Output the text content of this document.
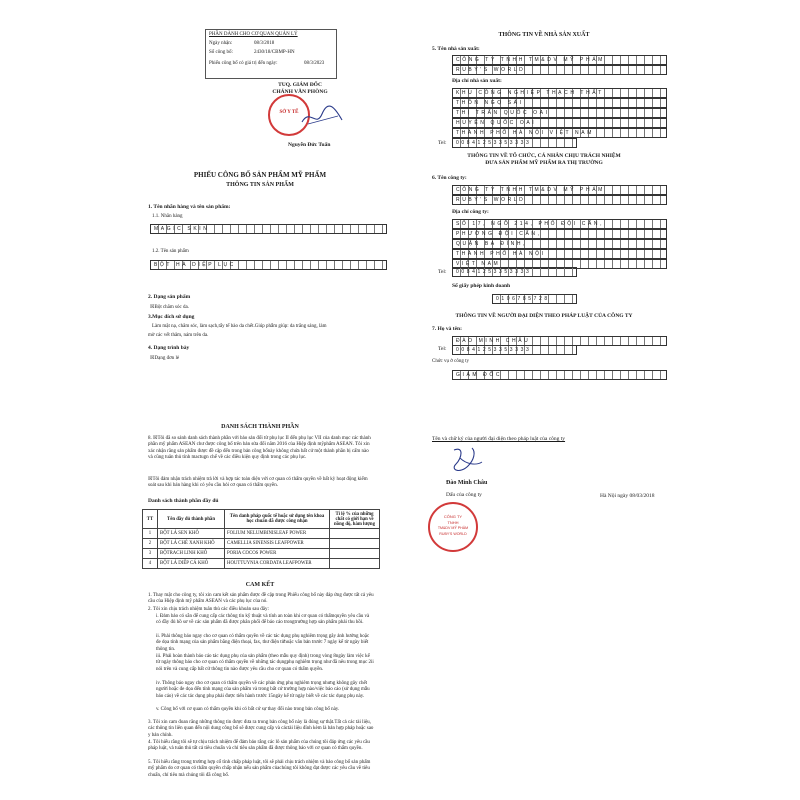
PHẦN DÀNH CHO CƠ QUAN QUẢN LÝ
Ngày nhận:	08/3/2018
Số công bố:	2430/18/CBMP-HN
Phiếu công bố có giá trị đến ngày:	08/3/2023
TUQ. GIÁM ĐỐC
CHÁNH VĂN PHÒNG
SỞ Y TẾ
Nguyễn Đức Tuấn
PHIẾU CÔNG BỐ SẢN PHẨM MỸ PHẨM
THÔNG TIN SẢN PHẨM
1. Tên nhãn hàng và tên sản phẩm:
1.1. Nhãn hàng
MAGIC SKIN
1.2. Tên sản phẩm
BỘT HÀ DIỆP LỤC
2. Dạng sản phẩm
☒Bột chăm sóc da.
3.Mục đích sử dụng
Làm mặt nạ, chăm sóc, làm sạch,tẩy tế bào da chết.Giúp phẫm giúp: da trắng sáng, làm
mờ các vết thâm, nám trên da.
4. Dạng trình bày
☒Dạng đơn lẻ
THÔNG TIN VỀ NHÀ SẢN XUẤT
5. Tên nhà sản xuất:
CÔNG TY TNHH TM&DV MỸ PHẨM
RUBY'S WORLD
Địa chỉ nhà sản xuất:
KHU CÔNG NGHIỆP THẠCH THẤT
THÔN NGỌ SÀI
THỊ TRẤN QUỐC OAI
HUYỆN QUỐC OAI
THÀNH PHỐ HÀ NỘI VIỆT NAM
Tel:	00841253353333
THÔNG TIN VỀ TỔ CHỨC, CÁ NHÂN CHỊU TRÁCH NHIỆM
ĐƯA SẢN PHẨM MỸ PHẨM RA THỊ TRƯỜNG
6. Tên công ty:
CÔNG TY TNHH TM&DV MỸ PHẨM
RUBY'S WORLD
Địa chỉ công ty:
SỐ 17, NGÕ 214, PHỐ ĐỘI CẤN,
PHƯỜNG ĐỘI CẤN,
QUẬN BA ĐÌNH,
THÀNH PHỐ HÀ NỘI
VIỆT NAM
Tel:	00841253353333
Số giấy phép kinh doanh
0106785728
THÔNG TIN VỀ NGƯỜI ĐẠI DIỆN THEO PHÁP LUẬT CỦA CÔNG TY
7. Họ và tên:
ĐÀO MINH CHÂU
Tel:	00841253353333
Chức vụ ở công ty
GIÁM ĐỐC
DANH SÁCH THÀNH PHẦN
8. ☒Tôi đã so sánh danh sách thành phần với bảo sản đối từ phụ lục II đến phụ lục VII của danh mục các thành phần mỹ phẩm ASEAN chư được công bố trên bản sửa đổi năm 2016 của Hiệp định mỹphẩm ASEAN. Tôi xin xác nhận rằng sản phẩm được đề cập đến trong bản công bốnày không chứa bất cứ một thành phần bị cấm nào và cũng tuân thủ tính mactugn chế về các điều kiện quy định trong các phụ lục.
☒Tôi đảm nhận trách nhiệm trả lời và hợp tác toàn diện với cơ quan có thẩm quyền về bất kỳ hoạt động kiểm soát sau khi bán hàng khi có yêu cầu hỏi cơ quan có thẩm quyền.
Danh sách thành phần đầy đủ
TT	Tên đầy đủ thành phần	Tên danh pháp quốc tế hoặc sử dụng tên khoa học chuẩn đã được công nhận	Tỉ lệ % của những chất có giới hạn về nồng độ, hàm lượng
1	BỘT LÁ SEN KHÔ	FOLIUM NELUMBINISLEAF POWER	
2	BỘT LÁ CHÈ XANH KHÔ	CAMELLIA SINENSIS LEAFPOWER	
3	BỘTRACH LINH KHÔ	PORIA COCOS POWER	
4	BỘT LÁ DIẾP CÁ KHÔ	HOUTTUYNIA CORDATA LEAFPOWER	
CAM KẾT
1. Thay mặt cho công ty, tôi xin cam kết sản phẩm được đề cập trong Phiếu công bố này đáp ứng được tất cả yêu cầu của Hiệp định mỹ phẩm ASEAN và các phụ lục của nó.
2. Tôi xin chịu trách nhiệm tuân thủ các điều khoản sau đây:
i. Đảm bảo có sẵn để cung cấp các thông tin kỹ thuật và tính an toàn khi cơ quan có thẩmquyền yêu cầu và có đầy đủ hồ sơ về các sản phẩm đã được phân phối để báo cáo trongtrường hợp sản phẩm phải thu hồi.
ii. Phải thông báo ngay cho cơ quan có thẩm quyền về các tác dụng phụ nghiêm trọng gây ảnh hưởng hoặc đe dọa tính mạng của sản phẩm bằng điện thoại, fax, thư điện tửhoặc văn bản trước 7 ngày kể từ ngày biết thông tin.
iii. Phải hoàn thành báo cáo tác dụng phụ của sản phẩm (theo mẫu quy định) trong vòng 8ngày làm việc kể từ ngày thông báo cho cơ quan có thẩm quyền về những tác dụngphụ nghiêm trọng như đã nêu trong mục 2ii nói trên và cung cấp bất cứ thông tin nào được yêu cầu cho cơ quan có thẩm quyền.
iv. Thông báo ngay cho cơ quan có thẩm quyền về các phản ứng phụ nghiêm trọng nhưng không gây chết người hoặc đe dọa đến tính mạng của sản phẩm và trong bất cứ trường hợp nào/việc báo cáo (sử dụng mẫu báo cáo) về các tác dụng phụ phải được tiến hành trước 15ngày kể từ ngày biết về các tác dụng phụ này.
v. Công bố với cơ quan có thẩm quyền khi có bất cứ sự thay đổi nào trong bản công bố này.
3. Tôi xin cam đoan rằng những thông tin được đưa ra trong bản công bố này là đúng sự thật.Tất cả các tài liệu, các thông tin liên quan đến nội dung công bố sẽ được cung cấp và cáctài liệu đính kèm là bản hợp pháp hoặc sao y bản chính.
4. Tôi hiểu rằng tôi sẽ tự chịu trách nhiệm để đảm bảo rằng các lô sản phẩm của chúng tôi đáp ứng các yêu cầu pháp luật, và tuân thủ tất cả tiêu chuẩn và chỉ tiêu sản phẩm đã được thông báo với cơ quan có thẩm quyền.
5. Tôi hiểu rằng trong trường hợp cố tình chấp pháp luật, tôi sẽ phải chịu trách nhiệm và bảo công bố sản phẩm mỹ phẩm do cơ quan có thẩm quyền chấp nhận nếu sản phẩm củachúng tôi không đạt được các yêu cầu về tiêu chuẩn, chỉ tiêu mà chúng tôi đã công bố.
Tên và chữ ký của người đại diện theo pháp luật của công ty
Hà Nội ngày 08/03/2018
Đào Minh Châu
Dấu của công ty
CÔNG TY
TNHH
TM&DV MỸ PHẨM
RUBY'S WORLD
